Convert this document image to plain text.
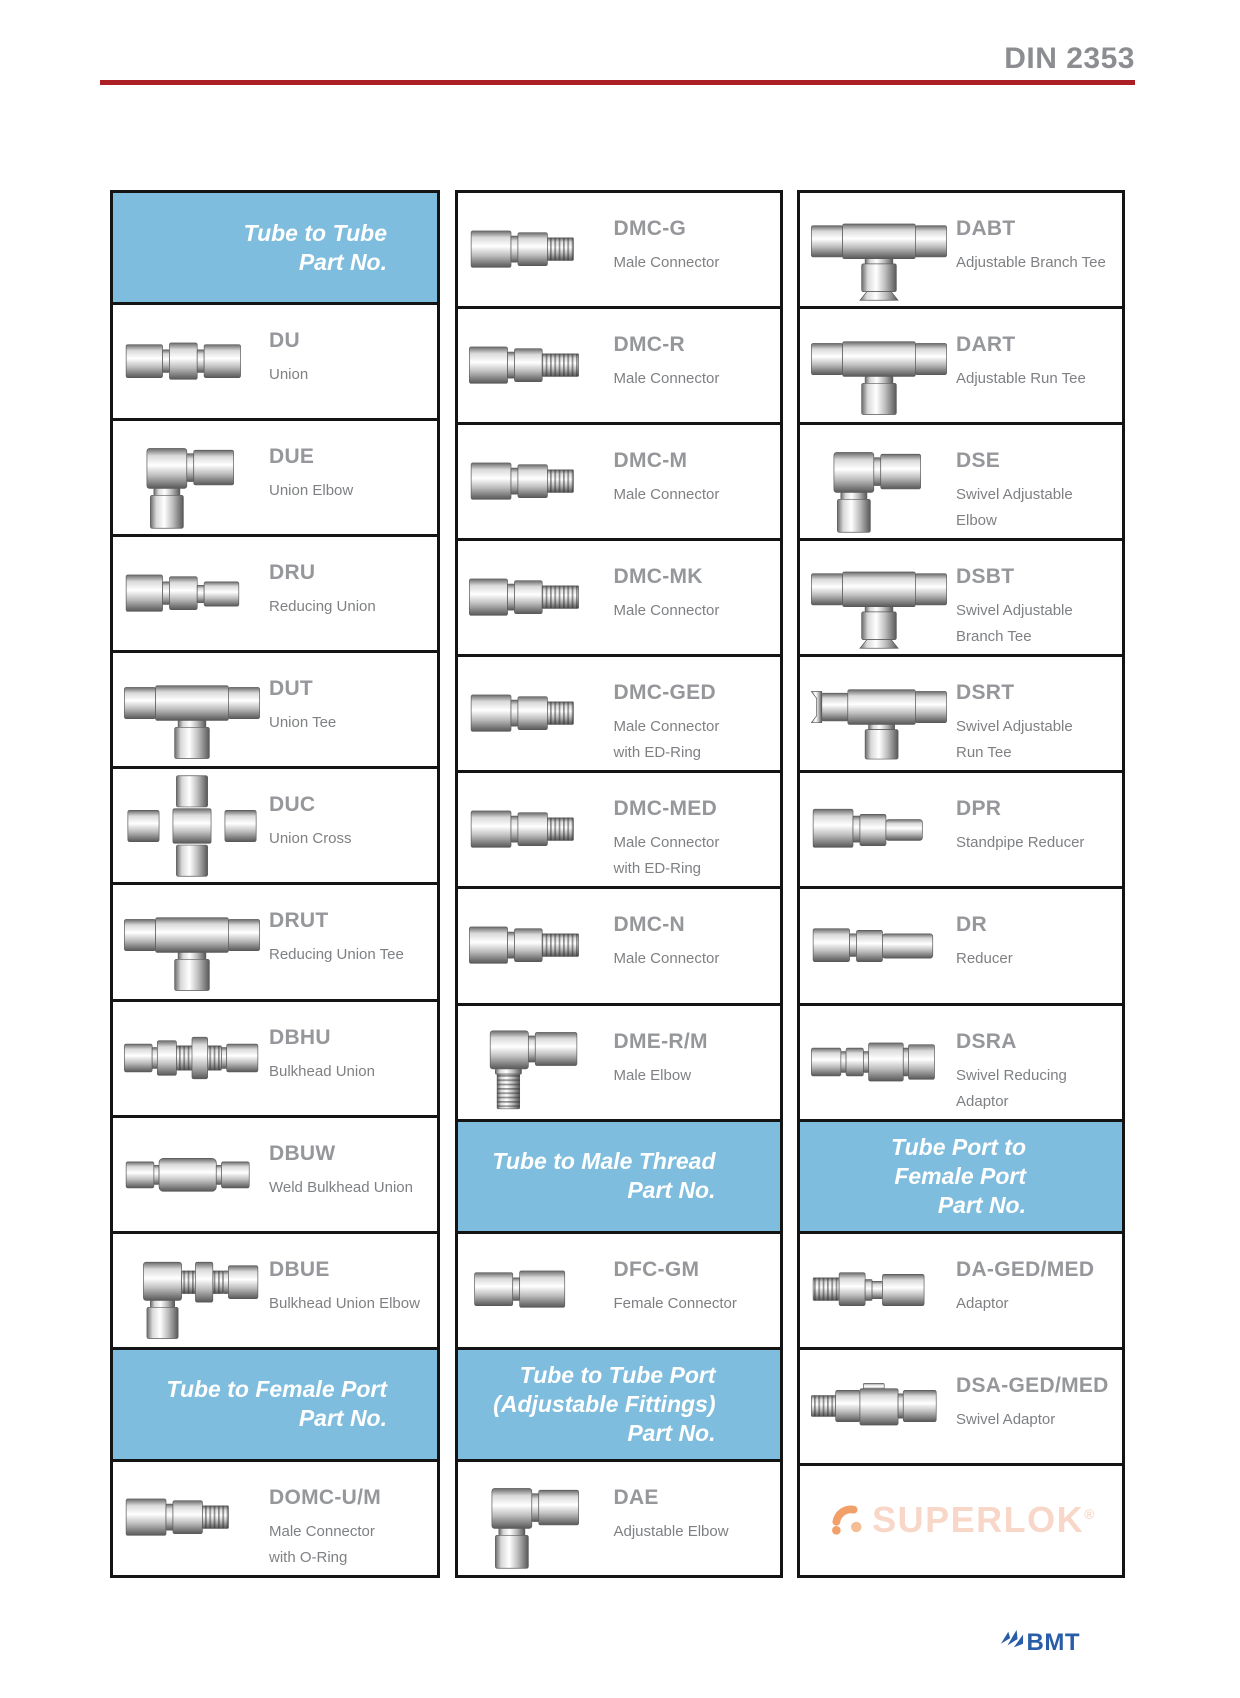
DIN 2353
Tube to Tube
Part No.
DU
Union
DUE
Union Elbow
DRU
Reducing Union
DUT
Union Tee
DUC
Union Cross
DRUT
Reducing Union Tee
DBHU
Bulkhead Union
DBUW
Weld Bulkhead Union
DBUE
Bulkhead Union Elbow
Tube to Female Port
Part No.
DOMC-U/M
Male Connector
with O-Ring
DMC-G
Male Connector
DMC-R
Male Connector
DMC-M
Male Connector
DMC-MK
Male Connector
DMC-GED
Male Connector
with ED-Ring
DMC-MED
Male Connector
with ED-Ring
DMC-N
Male Connector
DME-R/M
Male Elbow
Tube to Male Thread
Part No.
DFC-GM
Female Connector
Tube to Tube Port
(Adjustable Fittings)
Part No.
DAE
Adjustable Elbow
DABT
Adjustable Branch Tee
DART
Adjustable Run Tee
DSE
Swivel Adjustable
Elbow
DSBT
Swivel Adjustable
Branch Tee
DSRT
Swivel Adjustable
Run Tee
DPR
Standpipe Reducer
DR
Reducer
DSRA
Swivel Reducing
Adaptor
Tube Port to
Female Port
Part No.
DA-GED/MED
Adaptor
DSA-GED/MED
Swivel Adaptor
SUPERLOK®
BMT
